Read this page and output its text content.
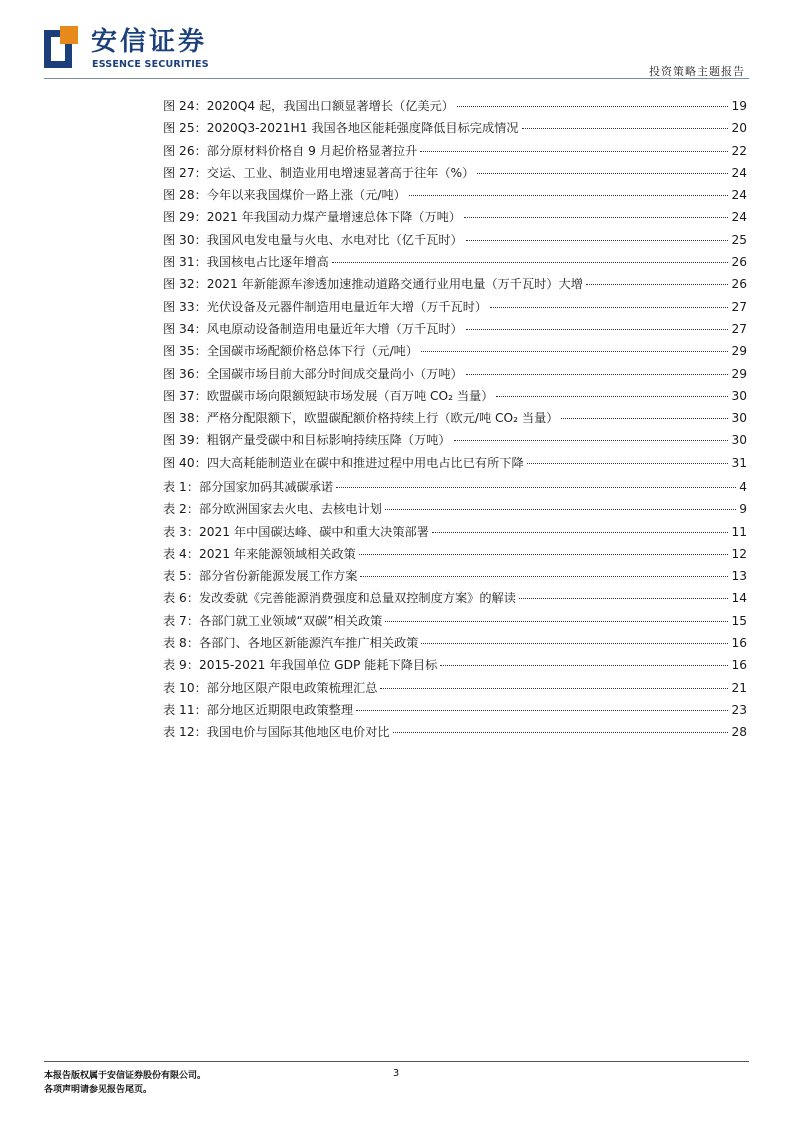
安信证券
ESSENCE SECURITIES
投资策略主题报告
图 24：2020Q4 起，我国出口额显著增长（亿美元）	19
图 25：2020Q3-2021H1 我国各地区能耗强度降低目标完成情况	20
图 26：部分原材料价格自 9 月起价格显著拉升	22
图 27：交运、工业、制造业用电增速显著高于往年（%）	24
图 28：今年以来我国煤价一路上涨（元/吨）	24
图 29：2021 年我国动力煤产量增速总体下降（万吨）	24
图 30：我国风电发电量与火电、水电对比（亿千瓦时）	25
图 31：我国核电占比逐年增高	26
图 32：2021 年新能源车渗透加速推动道路交通行业用电量（万千瓦时）大增	26
图 33：光伏设备及元器件制造用电量近年大增（万千瓦时）	27
图 34：风电原动设备制造用电量近年大增（万千瓦时）	27
图 35：全国碳市场配额价格总体下行（元/吨）	29
图 36：全国碳市场目前大部分时间成交量尚小（万吨）	29
图 37：欧盟碳市场向限额短缺市场发展（百万吨 CO₂ 当量）	30
图 38：严格分配限额下，欧盟碳配额价格持续上行（欧元/吨 CO₂ 当量）	30
图 39：粗钢产量受碳中和目标影响持续压降（万吨）	30
图 40：四大高耗能制造业在碳中和推进过程中用电占比已有所下降	31
表 1：部分国家加码其减碳承诺	4
表 2：部分欧洲国家去火电、去核电计划	9
表 3：2021 年中国碳达峰、碳中和重大决策部署	11
表 4：2021 年来能源领域相关政策	12
表 5：部分省份新能源发展工作方案	13
表 6：发改委就《完善能源消费强度和总量双控制度方案》的解读	14
表 7：各部门就工业领域“双碳”相关政策	15
表 8：各部门、各地区新能源汽车推广相关政策	16
表 9：2015-2021 年我国单位 GDP 能耗下降目标	16
表 10：部分地区限产限电政策梳理汇总	21
表 11：部分地区近期限电政策整理	23
表 12：我国电价与国际其他地区电价对比	28
本报告版权属于安信证券股份有限公司。
各项声明请参见报告尾页。
3
